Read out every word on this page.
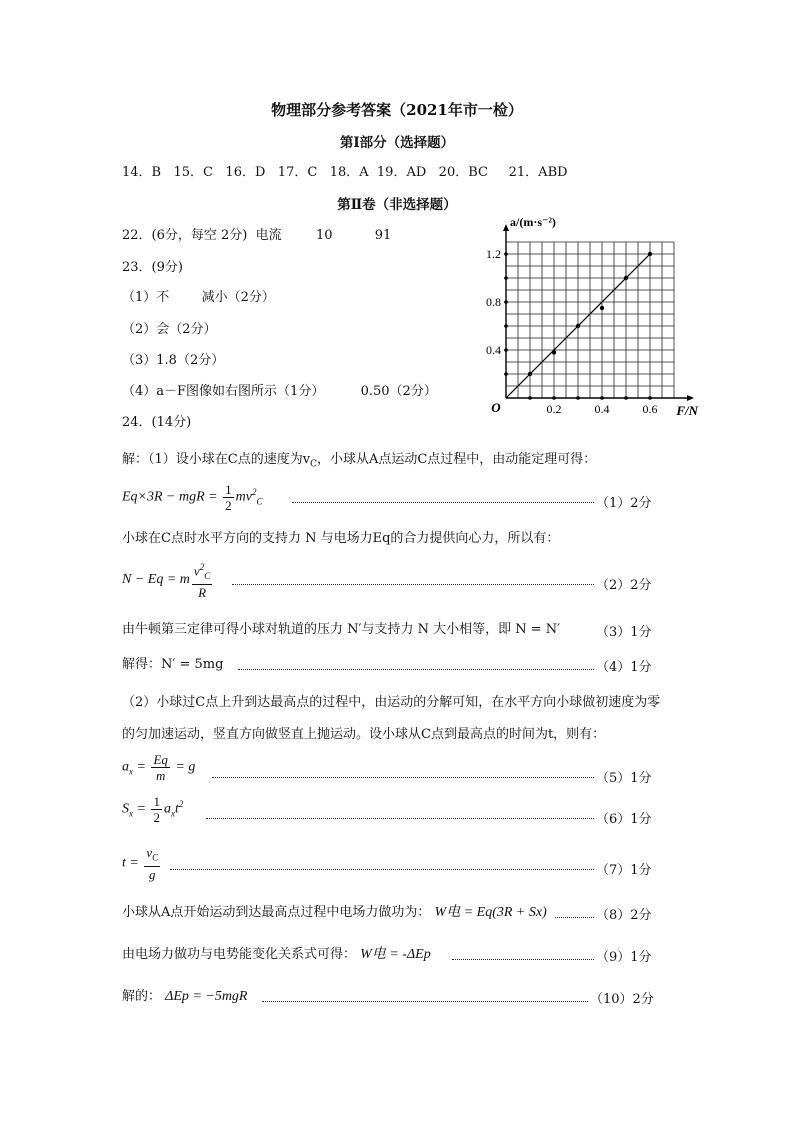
物理部分参考答案（2021年市一检）
第Ⅰ部分（选择题）
14．B 15．C 16．D 17．C 18．A 19．AD 20．BC 21．ABD
第Ⅱ卷（非选择题）
22．(6分，每空 2分) 电流	10	91
23．(9分)
（1）不 减小（2分）
（2）会（2分）
（3）1.8（2分）
（4）a－F图像如右图所示（1分）	0.50（2分）
24．(14分)
0.2	0.4	0.6
0.4
0.8
1.2
O	F/N
a/(m·s⁻²)
解：（1）设小球在C点的速度为$v_C$，小球从A点运动C点过程中，由动能定理可得：
Eq×3R − mgR = $\frac{1}{2} mv^2_C$	（1）2分
小球在C点时水平方向的支持力 N 与电场力Eq的合力提供向心力，所以有：
N − Eq = m $\frac{v^2_C}{R}$	（2）2分
由牛顿第三定律可得小球对轨道的压力 N′与支持力 N 大小相等，即 N = N′	（3）1分
解得：N′ = 5mg	（4）1分
（2）小球过C点上升到达最高点的过程中，由运动的分解可知，在水平方向小球做初速度为零
的匀加速运动，竖直方向做竖直上抛运动。设小球从C点到最高点的时间为t，则有：
$a_x = \frac{Eq}{m} = g$
（5）1分
$S_x = \frac{1}{2} a_xt^2$
（6）1分
$t = \frac{v_C}{g}$	（7）1分
小球从A点开始运动到达最高点过程中电场力做功为： W电 = Eq(3R + Sx)	（8）2分
由电场力做功与电势能变化关系式可得： W电 = -ΔEp	（9）1分
解的： ΔEp = −5mgR	（10）2分
